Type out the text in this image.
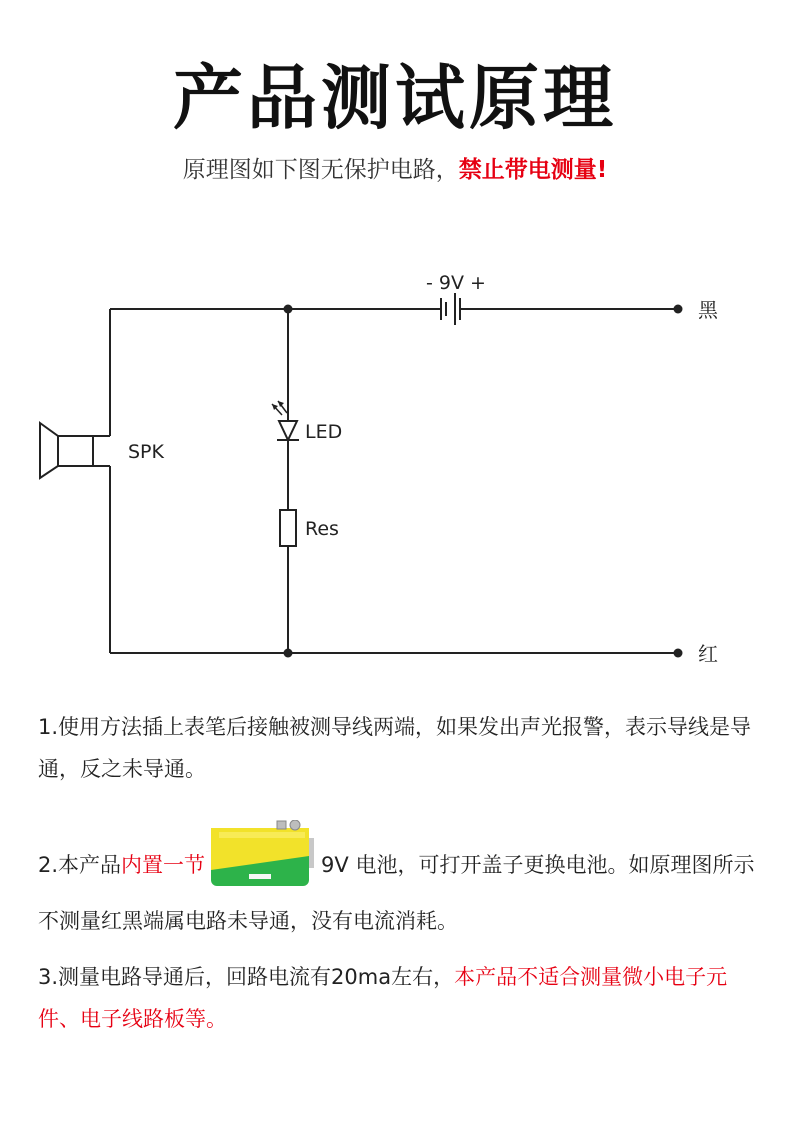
产品测试原理
原理图如下图无保护电路，禁止带电测量!
SPK
LED
Res
- 9V +
黑
红
1.使用方法插上表笔后接触被测导线两端，如果发出声光报警，表示导线是导通，反之未导通。
2.本产品内置一节	9V 电池，可打开盖子更换电池。如原理图所示不测量红黑端属电路未导通，没有电流消耗。
3.测量电路导通后，回路电流有20ma左右，本产品不适合测量微小电子元件、电子线路板等。
